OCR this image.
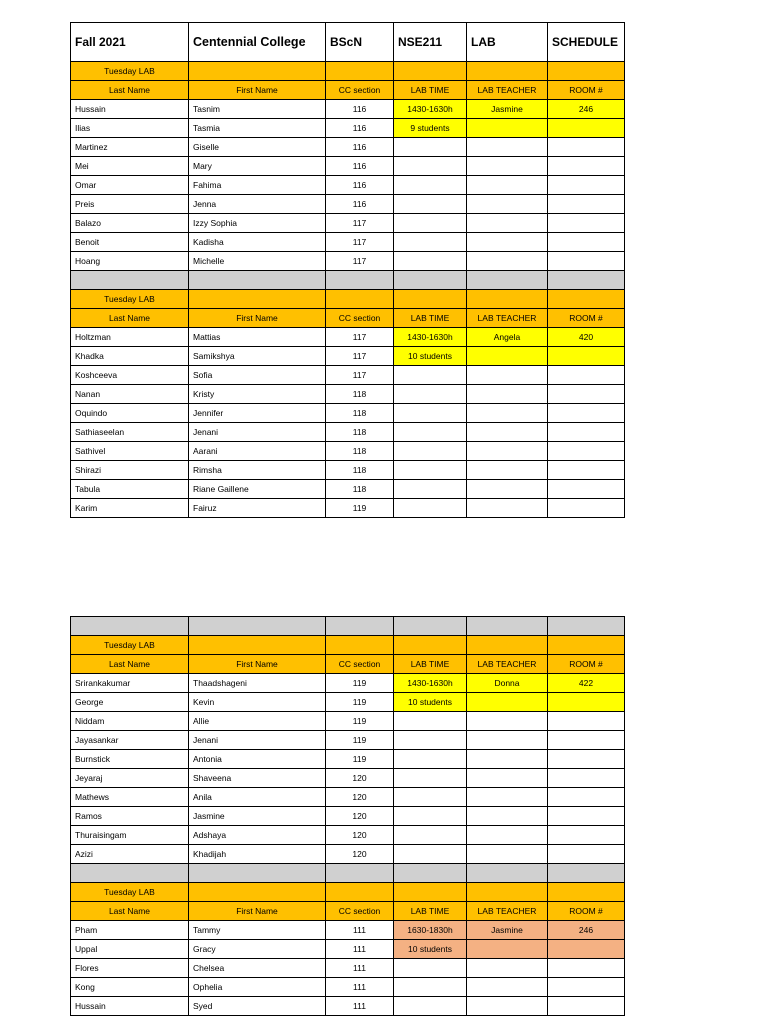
Fall 2021	Centennial College	BScN	NSE211	LAB	SCHEDULE
Tuesday LAB					
Last Name	First Name	CC section	LAB TIME	LAB TEACHER	ROOM #
Hussain	Tasnim	116	1430-1630h	Jasmine	246
Ilias	Tasmia	116	9 students		
Martinez	Giselle	116			
Mei	Mary	116			
Omar	Fahima	116			
Preis	Jenna	116			
Balazo	Izzy Sophia	117			
Benoit	Kadisha	117			
Hoang	Michelle	117			

Tuesday LAB					
Last Name	First Name	CC section	LAB TIME	LAB TEACHER	ROOM #
Holtzman	Mattias	117	1430-1630h	Angela	420
Khadka	Samikshya	117	10 students		
Koshceeva	Sofia	117			
Nanan	Kristy	118			
Oquindo	Jennifer	118			
Sathiaseelan	Jenani	118			
Sathivel	Aarani	118			
Shirazi	Rimsha	118			
Tabula	Riane Gaillene	118			
Karim	Fairuz	119			

Tuesday LAB					
Last Name	First Name	CC section	LAB TIME	LAB TEACHER	ROOM #
Srirankakumar	Thaadshageni	119	1430-1630h	Donna	422
George	Kevin	119	10 students		
Niddam	Allie	119			
Jayasankar	Jenani	119			
Burnstick	Antonia	119			
Jeyaraj	Shaveena	120			
Mathews	Anila	120			
Ramos	Jasmine	120			
Thuraisingam	Adshaya	120			
Azizi	Khadijah	120			

Tuesday LAB					
Last Name	First Name	CC section	LAB TIME	LAB TEACHER	ROOM #
Pham	Tammy	111	1630-1830h	Jasmine	246
Uppal	Gracy	111	10 students		
Flores	Chelsea	111			
Kong	Ophelia	111			
Hussain	Syed	111			
